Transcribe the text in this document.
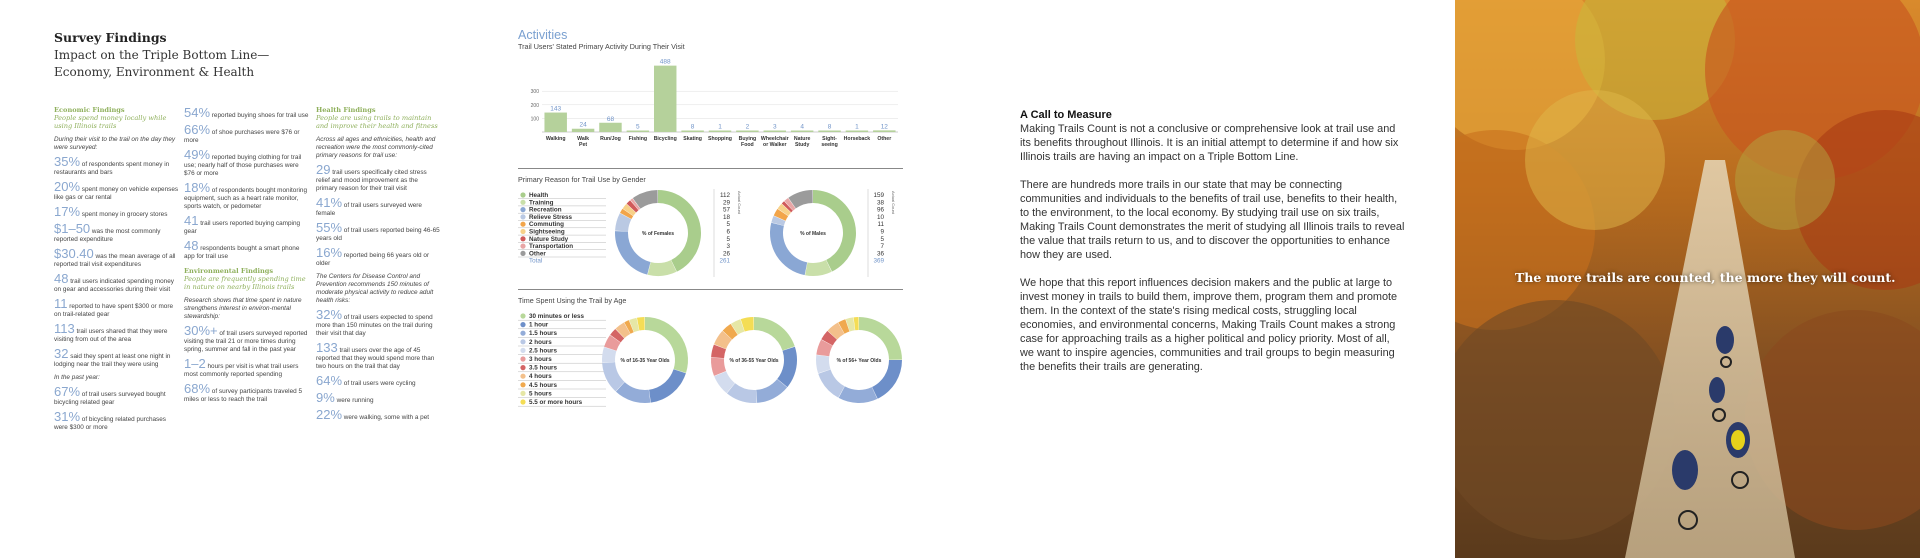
Survey Findings
Impact on the Triple Bottom Line—
Economy, Environment & Health
Economic Findings
People spend money locally while using Illinois trails
During their visit to the trail on the day they were surveyed:
35% of respondents spent money in restaurants and bars
20% spent money on vehicle expenses like gas or car rental
17% spent money in grocery stores
$1–50 was the most commonly reported expenditure
$30.40 was the mean average of all reported trail visit expenditures
48 trail users indicated spending money on gear and accessories during their visit
11 reported to have spent $300 or more on trail-related gear
113 trail users shared that they were visiting from out of the area
32 said they spent at least one night in lodging near the trail they were using
In the past year:
67% of trail users surveyed bought bicycling related gear
31% of bicycling related purchases were $300 or more
54% reported buying shoes for trail use
66% of shoe purchases were $76 or more
49% reported buying clothing for trail use; nearly half of those purchases were $76 or more
18% of respondents bought monitoring equipment, such as a heart rate monitor, sports watch, or pedometer
41 trail users reported buying camping gear
48 respondents bought a smart phone app for trail use
Environmental Findings
People are frequently spending time in nature on nearby Illinois trails
Research shows that time spent in nature strengthens interest in environ-mental stewardship:
30%+ of trail users surveyed reported visiting the trail 21 or more times during spring, summer and fall in the past year
1–2 hours per visit is what trail users most commonly reported spending
68% of survey participants traveled 5 miles or less to reach the trail
Health Findings
People are using trails to maintain and improve their health and fitness
Across all ages and ethnicities, health and recreation were the most commonly-cited primary reasons for trail use:
29 trail users specifically cited stress relief and mood improvement as the primary reason for their trail visit
41% of trail users surveyed were female
55% of trail users reported being 46-65 years old
16% reported being 66 years old or older
The Centers for Disease Control and Prevention recommends 150 minutes of moderate physical activity to reduce adult health risks:
32% of trail users expected to spend more than 150 minutes on the trail during their visit that day
133 trail users over the age of 45 reported that they would spend more than two hours on the trail that day
64% of trail users were cycling
9% were running
22% were walking, some with a pet
Activities
Trail Users' Stated Primary Activity During Their Visit
300
200
100
143
Walking
24
Walk Pet
68
Run/Jog
5
Fishing
488
Bicycling
8
Skating
1
Shopping
2
Buying Food
3
Wheelchair or Walker
4
Nature Study
8
Sight-seeing
1
Horseback
12
Other
Primary Reason for Trail Use by Gender
Health
Training
Recreation
Relieve Stress
Commuting
Sightseeing
Nature Study
Transportation
Other
Total
% of Females
112
29
57
18
5
6
5
3
26
261
Actual Count
% of Males
159
38
96
10
11
9
5
7
36
369
Actual Count
Time Spent Using the Trail by Age
30 minutes or less
1 hour
1.5 hours
2 hours
2.5 hours
3 hours
3.5 hours
4 hours
4.5 hours
5 hours
5.5 or more hours
% of 16-35 Year Olds	% of 36-55 Year Olds	% of 56+ Year Olds
A Call to Measure

Making Trails Count is not a conclusive or comprehensive look at trail use and its benefits throughout Illinois. It is an initial attempt to determine if and how six Illinois trails are having an impact on a Triple Bottom Line.

There are hundreds more trails in our state that may be connecting communities and individuals to the benefits of trail use, benefits to their health, to the environment, to the local economy. By studying trail use on six trails, Making Trails Count demonstrates the merit of studying all Illinois trails to reveal the value that trails return to us, and to discover the opportunities to enhance how they are used.

We hope that this report influences decision makers and the public at large to invest money in trails to build them, improve them, program them and promote them. In the context of the state's rising medical costs, struggling local economies, and environmental concerns, Making Trails Count makes a strong case for approaching trails as a higher political and policy priority. Most of all, we want to inspire agencies, communities and trail groups to begin measuring the benefits their trails are generating.

The more trails are counted, the more they will count.
